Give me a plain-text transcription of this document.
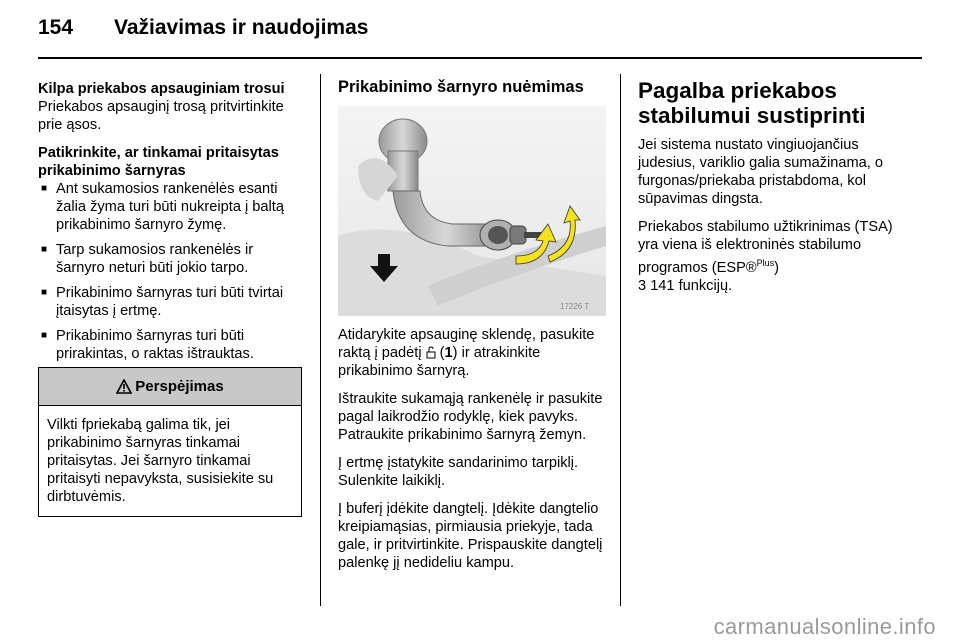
154 Važiavimas ir naudojimas
Kilpa priekabos apsauginiam trosui

Priekabos apsauginį trosą pritvirtinkite prie ąsos.

Patikrinkite, ar tinkamai pritaisytas prikabinimo šarnyras
■ Ant sukamosios rankenėlės esanti žalia žyma turi būti nukreipta į baltą prikabinimo šarnyro žymę.
■ Tarp sukamosios rankenėlės ir šarnyro neturi būti jokio tarpo.
■ Prikabinimo šarnyras turi būti tvirtai įtaisytas į ertmę.
■ Prikabinimo šarnyras turi būti prirakintas, o raktas ištrauktas.
Perspėjimas
Vilkti fpriekabą galima tik, jei prikabinimo šarnyras tinkamai pritaisytas. Jei šarnyro tinkamai pritaisyti nepavyksta, susisiekite su dirbtuvėmis.
Prikabinimo šarnyro nuėmimas
17226 T

Atidarykite apsauginę sklendę, pasukite raktą į padėtį  (1) ir atrakinkite prikabinimo šarnyrą.

Ištraukite sukamąją rankenėlę ir pasukite pagal laikrodžio rodyklę, kiek pavyks. Patraukite prikabinimo šarnyrą žemyn.

Į ertmę įstatykite sandarinimo tarpiklį. Sulenkite laikiklį.

Į buferį įdėkite dangtelį. Įdėkite dangtelio kreipiamąsias, pirmiausia priekyje, tada gale, ir pritvirtinkite. Prispauskite dangtelį palenkę jį nedideliu kampu.

Pagalba priekabos stabilumui sustiprinti

Jei sistema nustato vingiuojančius judesius, variklio galia sumažinama, o furgonas/priekaba pristabdoma, kol sūpavimas dingsta.

Priekabos stabilumo užtikrinimas (TSA) yra viena iš elektroninės stabilumo programos (ESP®$^{Plus}$)
3 141 funkcijų.

carmanualsonline.info
